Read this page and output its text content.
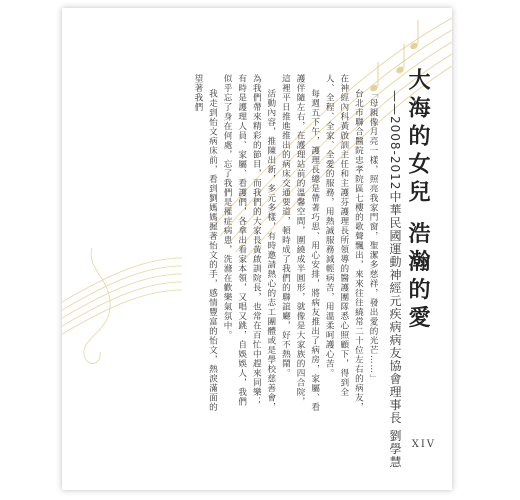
大海的女兒 浩瀚的愛
——2008-2012中華民國運動神經元疾病病友協會理事長 劉學慧

「母親像月亮一樣，照亮我家門窗，聖潔多慈祥，發出愛的光芒……」

台北市聯合醫院忠孝院區七樓的歌聲飄出，來來往往繞常二十位左右的病友，在神經內科黃啟訓主任和主護芬護理長所領導的醫護團隊悉心照顧下，得到全人、全程、全家、全愛的服務，用熱誠服務減輕病苦，用溫柔呵護心苦。

每週五下午，護理長總是帶著巧思、用心安排，將病友推出了病房，家屬、看護伴隨左右，在護理站前的溫馨空間，圍繞成半圓形，就像是大家族的四合院，這裡平日推進推出的病床交通要道，頓時成了我們的聯誼廳，好不熱鬧。

活動內容，推陳出新，多元多樣，有時邀請熱心的志工團體或是學校慈善會，為我們帶來精彩的節目，而我們的大家長黃啟訓院長，也常在百忙中趕來同樂；有時是護理人員、家屬、看護們，各拿出看家本領，又唱又跳，自娛娛人，我們似乎忘了身在何處，忘了我們是罹症病患，洗滌在歡樂氣氛中。

我走到怡文病床前，看到劉媽媽握著怡文的手，感情豐富的怡文，熱淚滿面的望著我們

XIV
